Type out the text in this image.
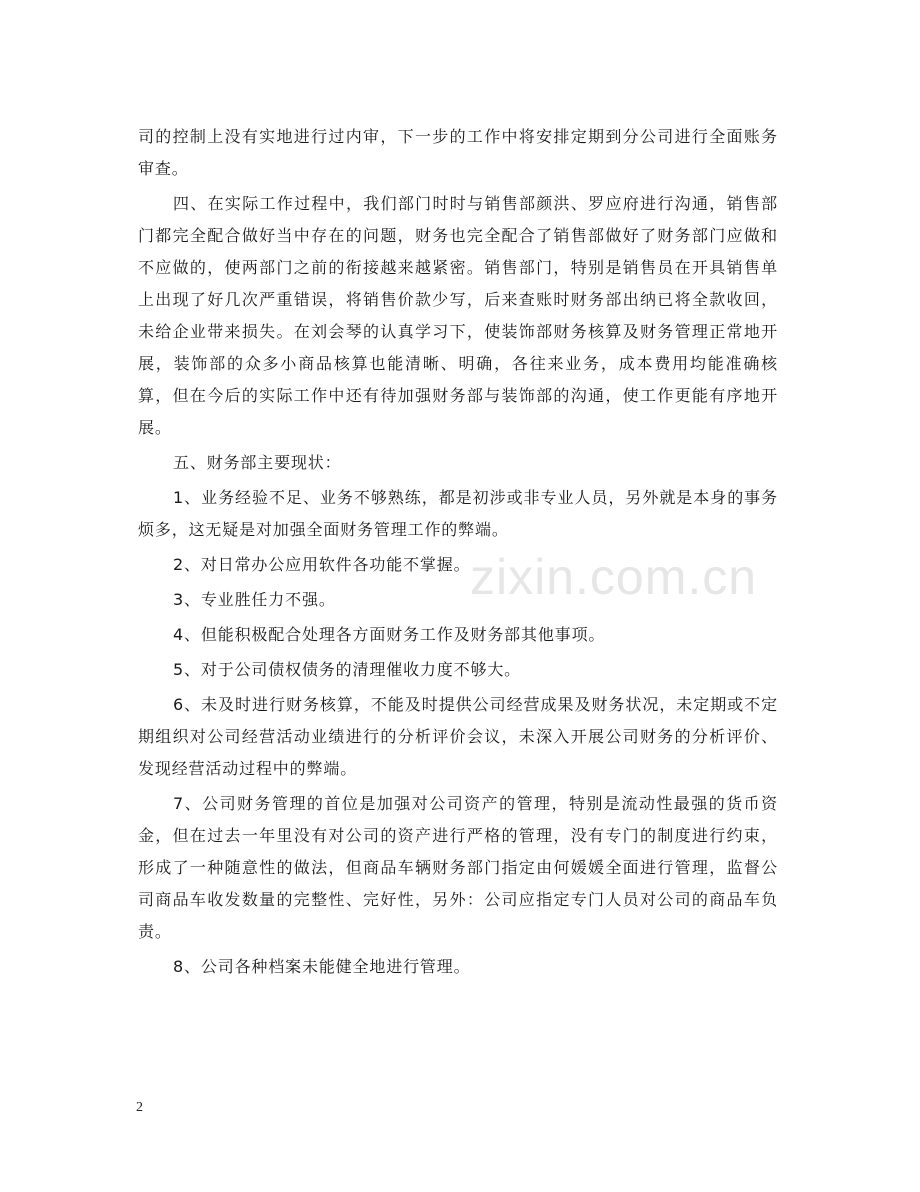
zixin.com.cn

司的控制上没有实地进行过内审，下一步的工作中将安排定期到分公司进行全面账务审查。

四、在实际工作过程中，我们部门时时与销售部颜洪、罗应府进行沟通，销售部门都完全配合做好当中存在的问题，财务也完全配合了销售部做好了财务部门应做和不应做的，使两部门之前的衔接越来越紧密。销售部门，特别是销售员在开具销售单上出现了好几次严重错误，将销售价款少写，后来查账时财务部出纳已将全款收回，未给企业带来损失。在刘会琴的认真学习下，使装饰部财务核算及财务管理正常地开展，装饰部的众多小商品核算也能清晰、明确，各往来业务，成本费用均能准确核算，但在今后的实际工作中还有待加强财务部与装饰部的沟通，使工作更能有序地开展。

五、财务部主要现状：

1、业务经验不足、业务不够熟练，都是初涉或非专业人员，另外就是本身的事务烦多，这无疑是对加强全面财务管理工作的弊端。

2、对日常办公应用软件各功能不掌握。

3、专业胜任力不强。

4、但能积极配合处理各方面财务工作及财务部其他事项。

5、对于公司债权债务的清理催收力度不够大。

6、未及时进行财务核算，不能及时提供公司经营成果及财务状况，未定期或不定期组织对公司经营活动业绩进行的分析评价会议，未深入开展公司财务的分析评价、发现经营活动过程中的弊端。

7、公司财务管理的首位是加强对公司资产的管理，特别是流动性最强的货币资金，但在过去一年里没有对公司的资产进行严格的管理，没有专门的制度进行约束，形成了一种随意性的做法，但商品车辆财务部门指定由何媛媛全面进行管理，监督公司商品车收发数量的完整性、完好性，另外：公司应指定专门人员对公司的商品车负责。

8、公司各种档案未能健全地进行管理。

2
